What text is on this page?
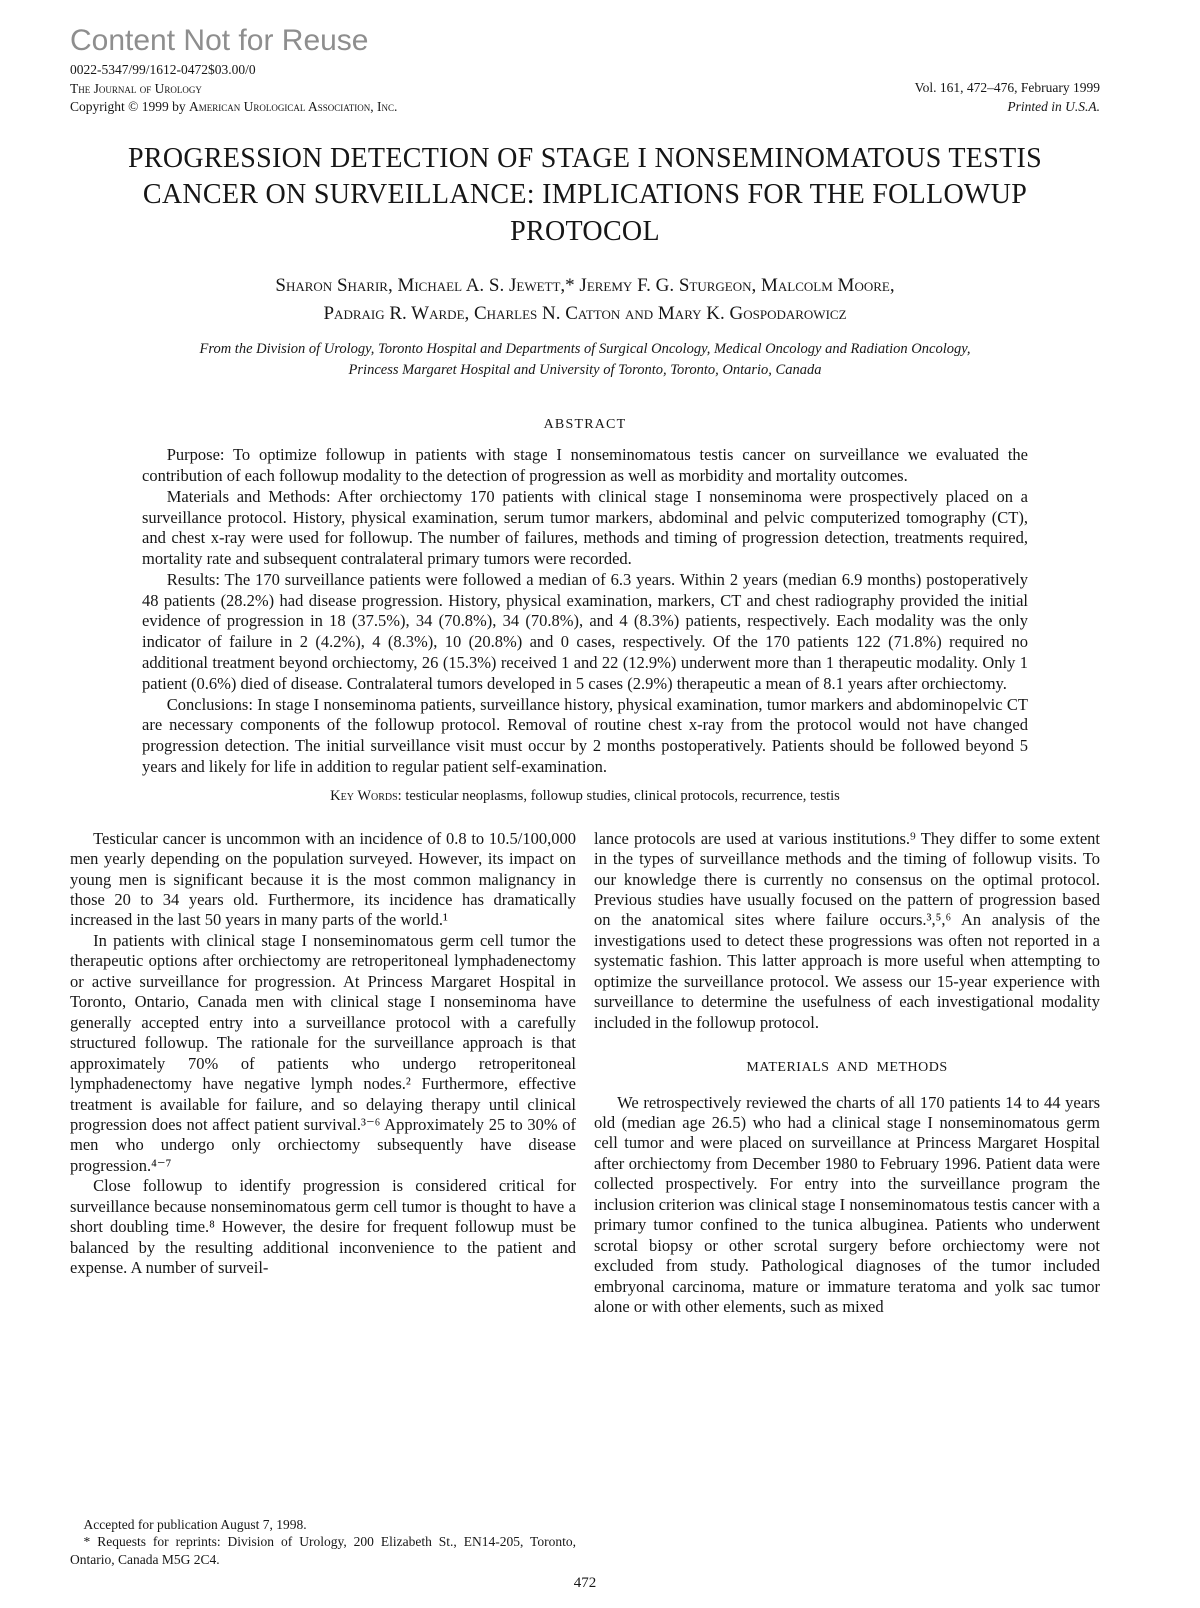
Content Not for Reuse
0022-5347/99/1612-0472$03.00/0
The Journal of Urology
Copyright © 1999 by American Urological Association, Inc.
Vol. 161, 472–476, February 1999
Printed in U.S.A.
PROGRESSION DETECTION OF STAGE I NONSEMINOMATOUS TESTIS CANCER ON SURVEILLANCE: IMPLICATIONS FOR THE FOLLOWUP PROTOCOL
Sharon Sharir, Michael A. S. Jewett,* Jeremy F. G. Sturgeon, Malcolm Moore,
Padraig R. Warde, Charles N. Catton and Mary K. Gospodarowicz
From the Division of Urology, Toronto Hospital and Departments of Surgical Oncology, Medical Oncology and Radiation Oncology,
Princess Margaret Hospital and University of Toronto, Toronto, Ontario, Canada
ABSTRACT

Purpose: To optimize followup in patients with stage I nonseminomatous testis cancer on surveillance we evaluated the contribution of each followup modality to the detection of progression as well as morbidity and mortality outcomes.

Materials and Methods: After orchiectomy 170 patients with clinical stage I nonseminoma were prospectively placed on a surveillance protocol. History, physical examination, serum tumor markers, abdominal and pelvic computerized tomography (CT), and chest x-ray were used for followup. The number of failures, methods and timing of progression detection, treatments required, mortality rate and subsequent contralateral primary tumors were recorded.

Results: The 170 surveillance patients were followed a median of 6.3 years. Within 2 years (median 6.9 months) postoperatively 48 patients (28.2%) had disease progression. History, physical examination, markers, CT and chest radiography provided the initial evidence of progression in 18 (37.5%), 34 (70.8%), 34 (70.8%), and 4 (8.3%) patients, respectively. Each modality was the only indicator of failure in 2 (4.2%), 4 (8.3%), 10 (20.8%) and 0 cases, respectively. Of the 170 patients 122 (71.8%) required no additional treatment beyond orchiectomy, 26 (15.3%) received 1 and 22 (12.9%) underwent more than 1 therapeutic modality. Only 1 patient (0.6%) died of disease. Contralateral tumors developed in 5 cases (2.9%) therapeutic a mean of 8.1 years after orchiectomy.

Conclusions: In stage I nonseminoma patients, surveillance history, physical examination, tumor markers and abdominopelvic CT are necessary components of the followup protocol. Removal of routine chest x-ray from the protocol would not have changed progression detection. The initial surveillance visit must occur by 2 months postoperatively. Patients should be followed beyond 5 years and likely for life in addition to regular patient self-examination.

Key Words: testicular neoplasms, followup studies, clinical protocols, recurrence, testis

Testicular cancer is uncommon with an incidence of 0.8 to 10.5/100,000 men yearly depending on the population surveyed. However, its impact on young men is significant because it is the most common malignancy in those 20 to 34 years old. Furthermore, its incidence has dramatically increased in the last 50 years in many parts of the world.¹

In patients with clinical stage I nonseminomatous germ cell tumor the therapeutic options after orchiectomy are retroperitoneal lymphadenectomy or active surveillance for progression. At Princess Margaret Hospital in Toronto, Ontario, Canada men with clinical stage I nonseminoma have generally accepted entry into a surveillance protocol with a carefully structured followup. The rationale for the surveillance approach is that approximately 70% of patients who undergo retroperitoneal lymphadenectomy have negative lymph nodes.² Furthermore, effective treatment is available for failure, and so delaying therapy until clinical progression does not affect patient survival.³⁻⁶ Approximately 25 to 30% of men who undergo only orchiectomy subsequently have disease progression.⁴⁻⁷

Close followup to identify progression is considered critical for surveillance because nonseminomatous germ cell tumor is thought to have a short doubling time.⁸ However, the desire for frequent followup must be balanced by the resulting additional inconvenience to the patient and expense. A number of surveil-

Accepted for publication August 7, 1998.

* Requests for reprints: Division of Urology, 200 Elizabeth St., EN14-205, Toronto, Ontario, Canada M5G 2C4.

lance protocols are used at various institutions.⁹ They differ to some extent in the types of surveillance methods and the timing of followup visits. To our knowledge there is currently no consensus on the optimal protocol. Previous studies have usually focused on the pattern of progression based on the anatomical sites where failure occurs.³,⁵,⁶ An analysis of the investigations used to detect these progressions was often not reported in a systematic fashion. This latter approach is more useful when attempting to optimize the surveillance protocol. We assess our 15-year experience with surveillance to determine the usefulness of each investigational modality included in the followup protocol.

MATERIALS AND METHODS

We retrospectively reviewed the charts of all 170 patients 14 to 44 years old (median age 26.5) who had a clinical stage I nonseminomatous germ cell tumor and were placed on surveillance at Princess Margaret Hospital after orchiectomy from December 1980 to February 1996. Patient data were collected prospectively. For entry into the surveillance program the inclusion criterion was clinical stage I nonseminomatous testis cancer with a primary tumor confined to the tunica albuginea. Patients who underwent scrotal biopsy or other scrotal surgery before orchiectomy were not excluded from study. Pathological diagnoses of the tumor included embryonal carcinoma, mature or immature teratoma and yolk sac tumor alone or with other elements, such as mixed

472
